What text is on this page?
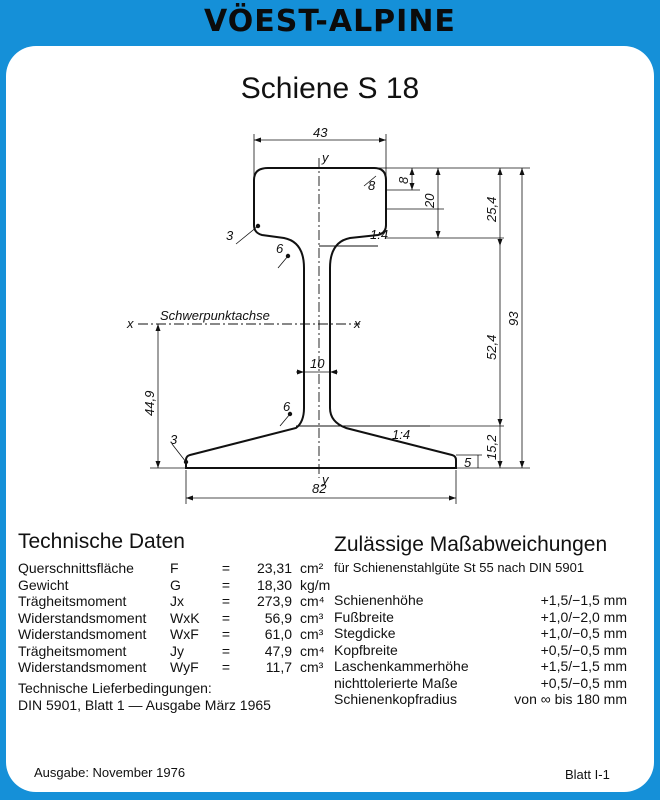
VÖEST-ALPINE
Schiene S 18
43
y
y
x	x
Schwerpunktachse
8
1:4
1:4
10
3
6
6
3
82
5
8
20	25,4
52,4
93
15,2
44,9
Technische Daten
Querschnittsfläche	F	=	23,31 cm²
Gewicht	G	=	18,30 kg/m
Trägheitsmoment	Jx	=	273,9 cm⁴
Widerstandsmoment	WxK	=	56,9 cm³
Widerstandsmoment	WxF	=	61,0 cm³
Trägheitsmoment	Jy	=	47,9 cm⁴
Widerstandsmoment	WyF	=	11,7 cm³
Technische Lieferbedingungen:
DIN 5901, Blatt 1 — Ausgabe März 1965
Zulässige Maßabweichungen
für Schienenstahlgüte St 55 nach DIN 5901
Schienenhöhe	+1,5/−1,5 mm
Fußbreite	+1,0/−2,0 mm
Stegdicke	+1,0/−0,5 mm
Kopfbreite	+0,5/−0,5 mm
Laschenkammerhöhe	+1,5/−1,5 mm
nichttolerierte Maße	+0,5/−0,5 mm
Schienenkopfradius	von ∞ bis 180 mm
Ausgabe: November 1976	Blatt I-1
